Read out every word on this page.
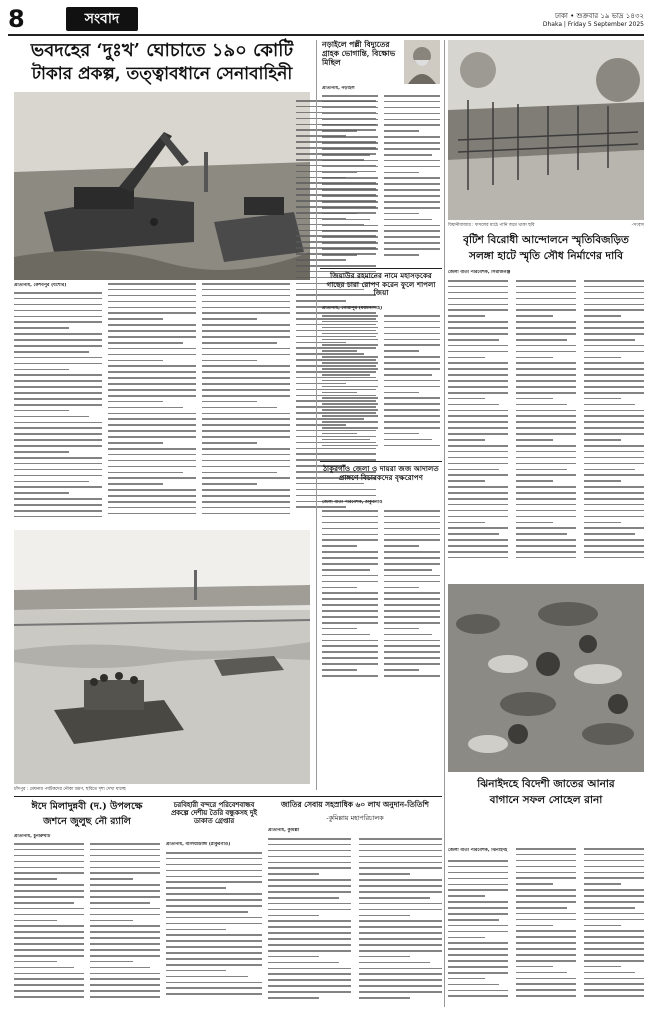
8	সংবাদ	ঢাকা • শুক্রবার ১৯ ভাদ্র ১৪৩২
Dhaka | Friday 5 September 2025
ভবদহের ‘দুঃখ’ ঘোচাতে ১৯০ কোটি
টাকার প্রকল্প, তত্ত্বাবধানে সেনাবাহিনী
প্রতিনিধি, কেশবপুর (যশোর)
নড়াইলে পল্লী বিদ্যুতের গ্রাহক ভোগান্তি, বিক্ষোভ মিছিল
প্রতিনিধি, নড়াইল
জিয়াউর রহমানের নামে মহাসড়কের গাছের চারা রোপণ করেন ফুলে শাপলা জিয়া
প্রতিনিধি, গৌরীপুর (ময়মনসিংহ)
ঠাকুরগাঁও জেলা ও দায়রা জজ আদালত প্রাঙ্গণে বিচারকদের বৃক্ষরোপণ
জেলা বার্তা পরিবেশক, ঠাকুরগাঁও
বিয়ানীবাজার : ফসলের মাঠে পানি জমে থাকা ছবি	-সংবাদ
বৃটিশ বিরোধী আন্দোলনে স্মৃতিবিজড়িত
সলঙ্গা হাটে স্মৃতি সৌধ নির্মাণের দাবি
জেলা বার্তা পরিবেশক, সিরাজগঞ্জ
চাঁদপুর : মেঘনায় পর্যটকদের নৌকা ভ্রমণ, ছবিতে দৃশ্য দেখা যাচ্ছে
ঈদে মিলাদুন্নবী (দ.) উপলক্ষে
জশনে জুলুছ নৌ র‍্যালি
প্রতিনিধি, চুনারুঘাট
চরবিহারী বন্দরে পরিবেশবান্ধব প্রকল্পে দেশীয় তৈরি বন্ধুকসহ দুই ডাকাত গ্রেপ্তার
প্রতিনিধি, বালিয়াডাঙ্গী (ঠাকুরগাঁও)
জাতির সেবায় সহস্রাধিক ৬০ লাখ অনুদান-তিতিশি
-কুমিল্লায় মহাপরিচালক
প্রতিনিধি, কুমিল্লা
ঝিনাইদহে বিদেশী জাতের আনার
বাগানে সফল সোহেল রানা
জেলা বার্তা পরিবেশক, ঝিনাইদহ
